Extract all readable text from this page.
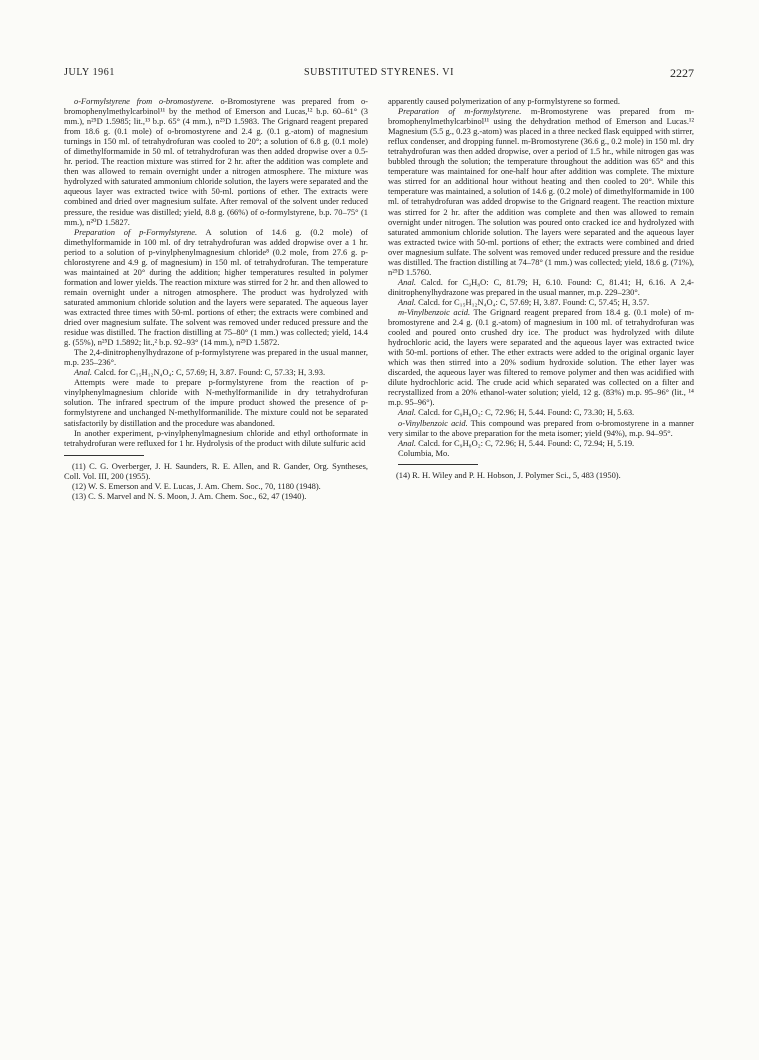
JULY 1961	SUBSTITUTED STYRENES. VI	2227

o-Formylstyrene from o-bromostyrene. o-Bromostyrene was prepared from o-bromophenylmethylcarbinol¹¹ by the method of Emerson and Lucas,¹² b.p. 60–61° (3 mm.), n²⁵D 1.5985; lit.,¹³ b.p. 65° (4 mm.), n²⁵D 1.5983. The Grignard reagent prepared from 18.6 g. (0.1 mole) of o-bromostyrene and 2.4 g. (0.1 g.-atom) of magnesium turnings in 150 ml. of tetrahydrofuran was cooled to 20°; a solution of 6.8 g. (0.1 mole) of dimethylformamide in 50 ml. of tetrahydrofuran was then added dropwise over a 0.5-hr. period. The reaction mixture was stirred for 2 hr. after the addition was complete and then was allowed to remain overnight under a nitrogen atmosphere. The mixture was hydrolyzed with saturated ammonium chloride solution, the layers were separated and the aqueous layer was extracted twice with 50-ml. portions of ether. The extracts were combined and dried over magnesium sulfate. After removal of the solvent under reduced pressure, the residue was distilled; yield, 8.8 g. (66%) of o-formylstyrene, b.p. 70–75° (1 mm.), n²⁰D 1.5827.

Preparation of p-Formylstyrene. A solution of 14.6 g. (0.2 mole) of dimethylformamide in 100 ml. of dry tetrahydrofuran was added dropwise over a 1 hr. period to a solution of p-vinylphenylmagnesium chloride⁸ (0.2 mole, from 27.6 g. p-chlorostyrene and 4.9 g. of magnesium) in 150 ml. of tetrahydrofuran. The temperature was maintained at 20° during the addition; higher temperatures resulted in polymer formation and lower yields. The reaction mixture was stirred for 2 hr. and then allowed to remain overnight under a nitrogen atmosphere. The product was hydrolyzed with saturated ammonium chloride solution and the layers were separated. The aqueous layer was extracted three times with 50-ml. portions of ether; the extracts were combined and dried over magnesium sulfate. The solvent was removed under reduced pressure and the residue was distilled. The fraction distilling at 75–80° (1 mm.) was collected; yield, 14.4 g. (55%), n²⁵D 1.5892; lit.,² b.p. 92–93° (14 mm.), n²⁵D 1.5872.

The 2,4-dinitrophenylhydrazone of p-formylstyrene was prepared in the usual manner, m.p. 235–236°.

Anal. Calcd. for C₁₅H₁₂N₄O₄: C, 57.69; H, 3.87. Found: C, 57.33; H, 3.93.

Attempts were made to prepare p-formylstyrene from the reaction of p-vinylphenylmagnesium chloride with N-methylformanilide in dry tetrahydrofuran solution. The infrared spectrum of the impure product showed the presence of p-formylstyrene and unchanged N-methylformanilide. The mixture could not be separated satisfactorily by distillation and the procedure was abandoned.

In another experiment, p-vinylphenylmagnesium chloride and ethyl orthoformate in tetrahydrofuran were refluxed for 1 hr. Hydrolysis of the product with dilute sulfuric acid

(11) C. G. Overberger, J. H. Saunders, R. E. Allen, and R. Gander, Org. Syntheses, Coll. Vol. III, 200 (1955).

(12) W. S. Emerson and V. E. Lucas, J. Am. Chem. Soc., 70, 1180 (1948).

(13) C. S. Marvel and N. S. Moon, J. Am. Chem. Soc., 62, 47 (1940).

apparently caused polymerization of any p-formylstyrene so formed.

Preparation of m-formylstyrene. m-Bromostyrene was prepared from m-bromophenylmethylcarbinol¹¹ using the dehydration method of Emerson and Lucas.¹² Magnesium (5.5 g., 0.23 g.-atom) was placed in a three necked flask equipped with stirrer, reflux condenser, and dropping funnel. m-Bromostyrene (36.6 g., 0.2 mole) in 150 ml. dry tetrahydrofuran was then added dropwise, over a period of 1.5 hr., while nitrogen gas was bubbled through the solution; the temperature throughout the addition was 65° and this temperature was maintained for one-half hour after addition was complete. The mixture was stirred for an additional hour without heating and then cooled to 20°. While this temperature was maintained, a solution of 14.6 g. (0.2 mole) of dimethylformamide in 100 ml. of tetrahydrofuran was added dropwise to the Grignard reagent. The reaction mixture was stirred for 2 hr. after the addition was complete and then was allowed to remain overnight under nitrogen. The solution was poured onto cracked ice and hydrolyzed with saturated ammonium chloride solution. The layers were separated and the aqueous layer was extracted twice with 50-ml. portions of ether; the extracts were combined and dried over magnesium sulfate. The solvent was removed under reduced pressure and the residue was distilled. The fraction distilling at 74–78° (1 mm.) was collected; yield, 18.6 g. (71%), n²⁵D 1.5760.

Anal. Calcd. for C₉H₈O: C, 81.79; H, 6.10. Found: C, 81.41; H, 6.16. A 2,4-dinitrophenylhydrazone was prepared in the usual manner, m.p. 229–230°.

Anal. Calcd. for C₁₅H₁₂N₄O₄: C, 57.69; H, 3.87. Found: C, 57.45; H, 3.57.

m-Vinylbenzoic acid. The Grignard reagent prepared from 18.4 g. (0.1 mole) of m-bromostyrene and 2.4 g. (0.1 g.-atom) of magnesium in 100 ml. of tetrahydrofuran was cooled and poured onto crushed dry ice. The product was hydrolyzed with dilute hydrochloric acid, the layers were separated and the aqueous layer was extracted twice with 50-ml. portions of ether. The ether extracts were added to the original organic layer which was then stirred into a 20% sodium hydroxide solution. The ether layer was discarded, the aqueous layer was filtered to remove polymer and then was acidified with dilute hydrochloric acid. The crude acid which separated was collected on a filter and recrystallized from a 20% ethanol-water solution; yield, 12 g. (83%) m.p. 95–96° (lit., ¹⁴ m.p. 95–96°).

Anal. Calcd. for C₉H₈O₂: C, 72.96; H, 5.44. Found: C, 73.30; H, 5.63.

o-Vinylbenzoic acid. This compound was prepared from o-bromostyrene in a manner very similar to the above preparation for the meta isomer; yield (94%), m.p. 94–95°.

Anal. Calcd. for C₉H₈O₂: C, 72.96; H, 5.44. Found: C, 72.94; H, 5.19.

Columbia, Mo.

(14) R. H. Wiley and P. H. Hobson, J. Polymer Sci., 5, 483 (1950).
